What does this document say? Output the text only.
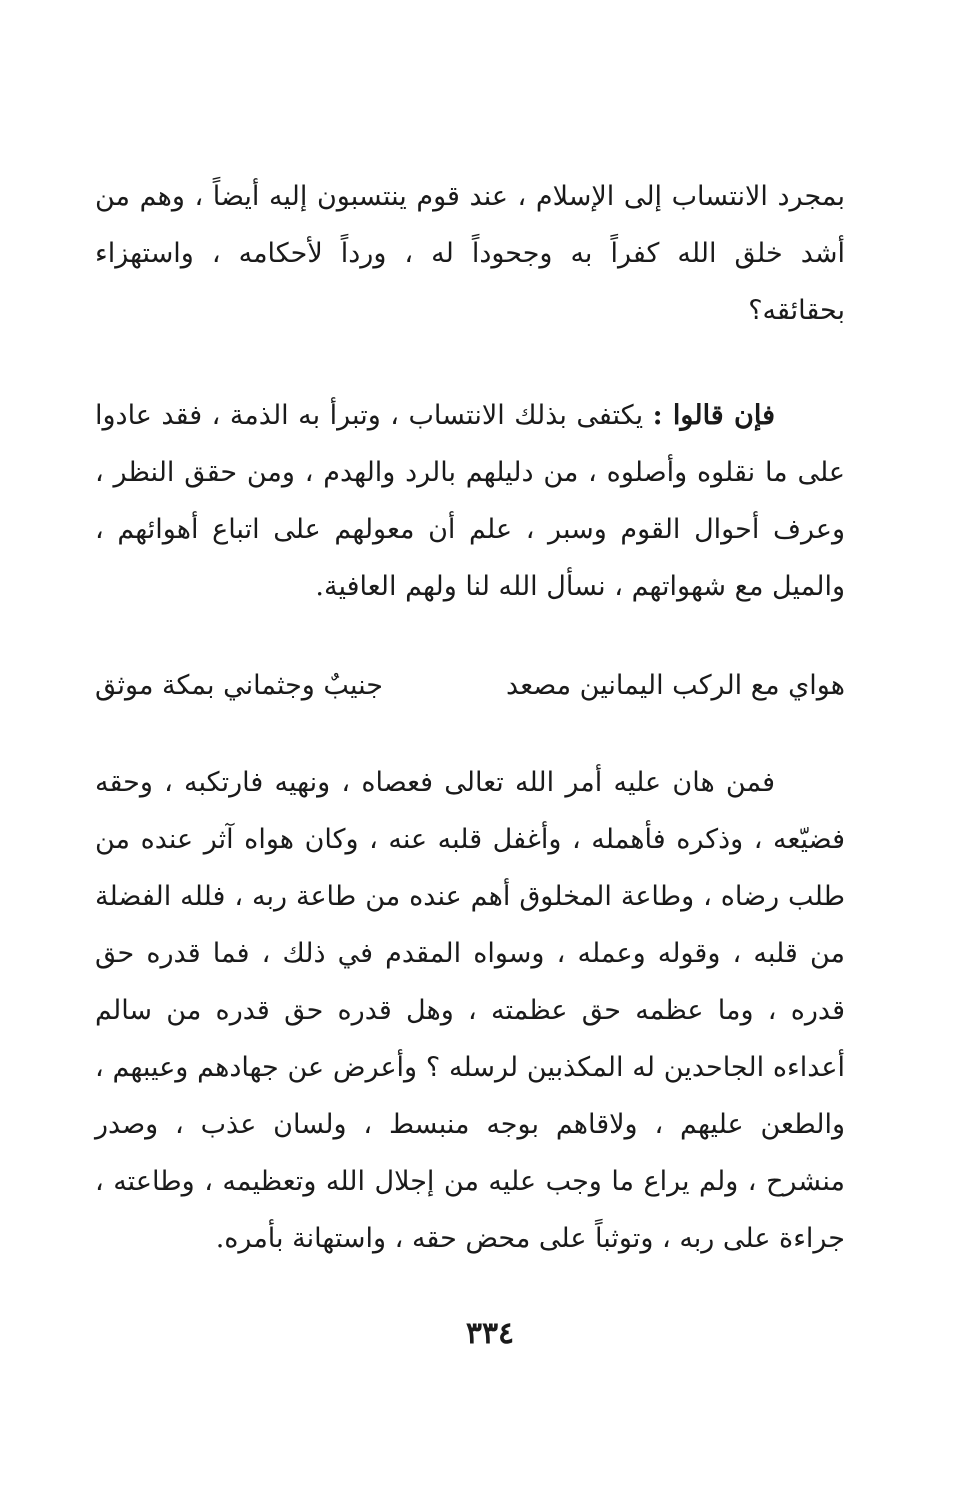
بمجرد الانتساب إلى الإسلام ، عند قوم ينتسبون إليه أيضاً ، وهم من أشد خلق الله كفراً به وجحوداً له ، ورداً لأحكامه ، واستهزاء بحقائقه؟

فإن قالوا : يكتفى بذلك الانتساب ، وتبرأ به الذمة ، فقد عادوا على ما نقلوه وأصلوه ، من دليلهم بالرد والهدم ، ومن حقق النظر ، وعرف أحوال القوم وسبر ، علم أن معولهم على اتباع أهوائهم ، والميل مع شهواتهم ، نسأل الله لنا ولهم العافية.

هواي مع الركب اليمانين مصعد
جنيبٌ وجثماني بمكة موثق

فمن هان عليه أمر الله تعالى فعصاه ، ونهيه فارتكبه ، وحقه فضيّعه ، وذكره فأهمله ، وأغفل قلبه عنه ، وكان هواه آثر عنده من طلب رضاه ، وطاعة المخلوق أهم عنده من طاعة ربه ، فلله الفضلة من قلبه ، وقوله وعمله ، وسواه المقدم في ذلك ، فما قدره حق قدره ، وما عظمه حق عظمته ، وهل قدره حق قدره من سالم أعداءه الجاحدين له المكذبين لرسله ؟ وأعرض عن جهادهم وعيبهم ، والطعن عليهم ، ولاقاهم بوجه منبسط ، ولسان عذب ، وصدر منشرح ، ولم يراع ما وجب عليه من إجلال الله وتعظيمه ، وطاعته ، جراءة على ربه ، وتوثباً على محض حقه ، واستهانة بأمره.

٣٣٤
